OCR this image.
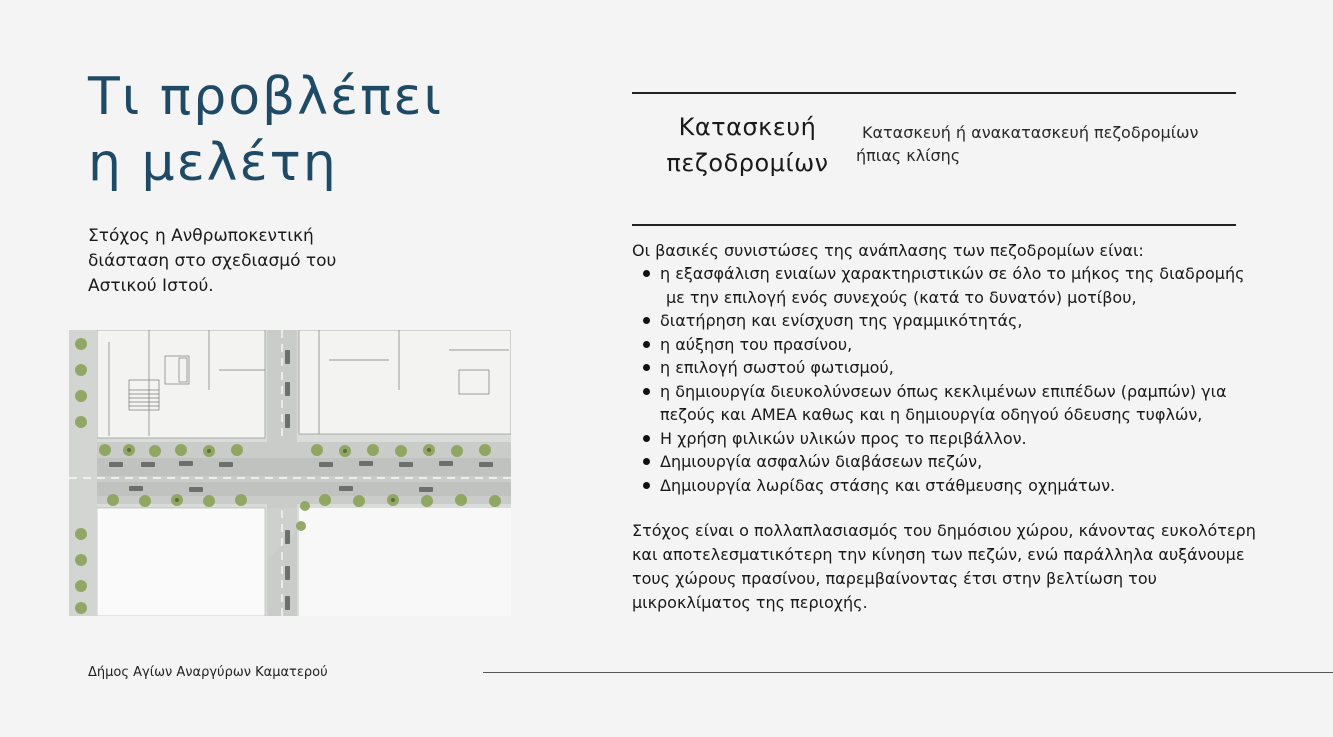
Τι προβλέπει
η μελέτη

Στόχος η Ανθρωποκεντική
διάσταση στο σχεδιασμό του
Αστικού Ιστού.

Κατασκευή
πεζοδρομίων
Κατασκευή ή ανακατασκευή πεζοδρομίων
ήπιας κλίσης

Οι βασικές συνιστώσες της ανάπλασης των πεζοδρομίων είναι:

η εξασφάλιση ενιαίων χαρακτηριστικών σε όλο το μήκος της διαδρομής
με την επιλογή ενός συνεχούς (κατά το δυνατόν) μοτίβου,
διατήρηση και ενίσχυση της γραμμικότητάς,
η αύξηση του πρασίνου,
η επιλογή σωστού φωτισμού,
η δημιουργία διευκολύνσεων όπως κεκλιμένων επιπέδων (ραμπών) για
πεζούς και ΑΜΕΑ καθως και η δημιουργία οδηγού όδευσης τυφλών,
Η χρήση φιλικών υλικών προς το περιβάλλον.
Δημιουργία ασφαλών διαβάσεων πεζών,
Δημιουργία λωρίδας στάσης και στάθμευσης οχημάτων.

Στόχος είναι ο πολλαπλασιασμός του δημόσιου χώρου, κάνοντας ευκολότερη
και αποτελεσματικότερη την κίνηση των πεζών, ενώ παράλληλα αυξάνουμε
τους χώρους πρασίνου, παρεμβαίνοντας έτσι στην βελτίωση του
μικροκλίματος της περιοχής.

Δήμος Αγίων Αναργύρων Καματερού
